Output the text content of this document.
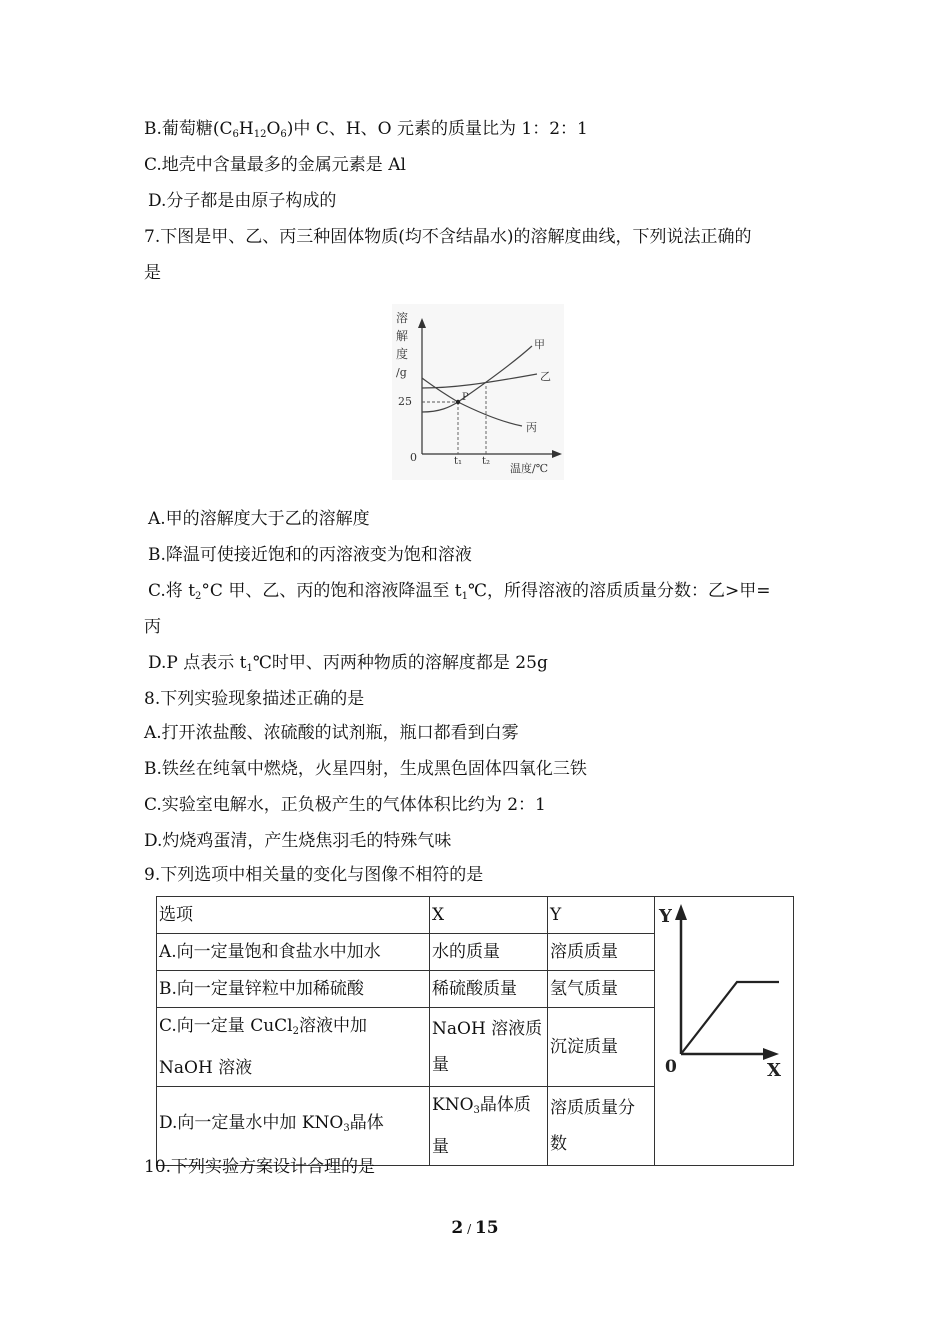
B.葡萄糖$(C_6H_{12}O_6)$中 C、H、O 元素的质量比为 1：2：1
C.地壳中含量最多的金属元素是 Al
D.分子都是由原子构成的
7.下图是甲、乙、丙三种固体物质(均不含结晶水)的溶解度曲线，下列说法正确的
是
溶
解
度
/g
25
0	t₁ t₂
温度/℃
P
甲
乙
丙
A.甲的溶解度大于乙的溶解度
B.降温可使接近饱和的丙溶液变为饱和溶液
C.将 $t_2^\circ C$ 甲、乙、丙的饱和溶液降温至 $t_1℃$，所得溶液的溶质质量分数：乙>甲=
丙
D.P 点表示 $t_1℃$时甲、丙两种物质的溶解度都是 25g
8.下列实验现象描述正确的是
A.打开浓盐酸、浓硫酸的试剂瓶，瓶口都看到白雾
B.铁丝在纯氧中燃烧，火星四射，生成黑色固体四氧化三铁
C.实验室电解水，正负极产生的气体体积比约为 2：1
D.灼烧鸡蛋清，产生烧焦羽毛的特殊气味
9.下列选项中相关量的变化与图像不相符的是
选项	X	Y	Y
X
0

A.向一定量饱和食盐水中加水	水的质量	溶质质量	
B.向一定量锌粒中加稀硫酸	稀硫酸质量	氢气质量	
C.向一定量 CuCl$_2$溶液中加
NaOH 溶液	NaOH 溶液质
量	沉淀质量	
D.向一定量水中加 $KNO_3$晶体	$KNO_3$晶体质
量	溶质质量分
数	
10.下列实验方案设计合理的是
2 / 15
